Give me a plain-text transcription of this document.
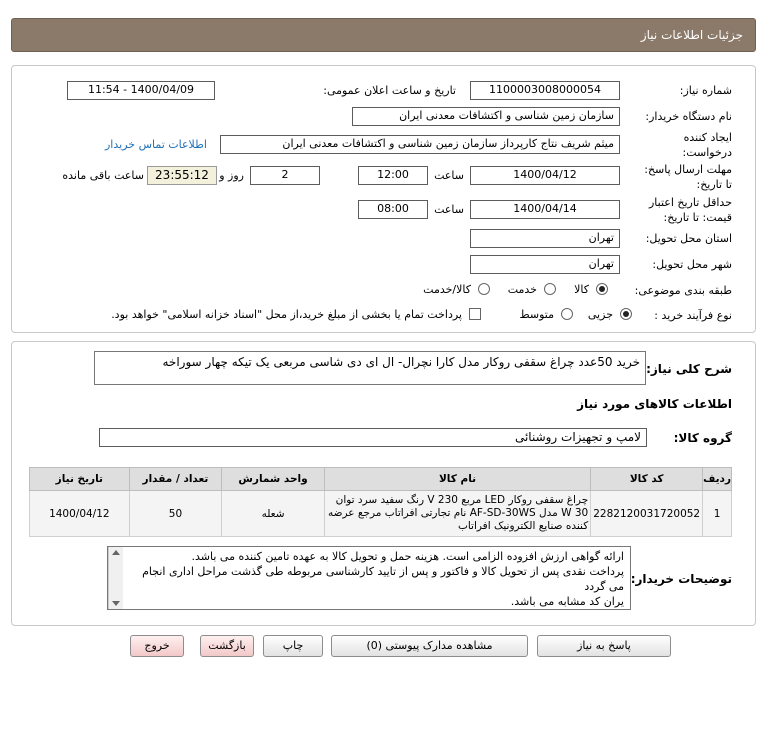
جزئیات اطلاعات نیاز
شماره نیاز:
1100003008000054
تاریخ و ساعت اعلان عمومی:
1400/04/09 - 11:54
نام دستگاه خریدار:
سازمان زمین شناسی و اکتشافات معدنی ایران
ایجاد کننده
درخواست:
میثم شریف نتاج کارپرداز سازمان زمین شناسی و اکتشافات معدنی ایران
اطلاعات تماس خریدار
مهلت ارسال پاسخ:
تا تاریخ:
1400/04/12
ساعت
12:00
روز و	2
23:55:12
ساعت باقی مانده
حداقل تاریخ اعتبار
قیمت: تا تاریخ:
1400/04/14
ساعت
08:00
استان محل تحویل:
تهران
شهر محل تحویل:
تهران
طبقه بندی موضوعی:
کالا
خدمت
کالا/خدمت
نوع فرآیند خرید :
جزیی
متوسط
پرداخت تمام یا بخشی از مبلغ خرید،از محل "اسناد خزانه اسلامی" خواهد بود.
شرح کلی نیاز:
خرید 50عدد چراغ سقفی روکار مدل کارا نچرال- ال ای دی شاسی مربعی یک تیکه چهار سوراخه
اطلاعات کالاهای مورد نیاز
گروه کالا:
لامپ و تجهیزات روشنائی
ردیف	کد کالا	نام کالا	واحد شمارش	تعداد / مقدار	تاریخ نیاز
1	2282120031720052	چراغ سقفی روکار LED مربع 230 V رنگ سفید سرد توان 30 W مدل AF-SD-30WS نام تجارتی افراتاب مرجع عرضه کننده صنایع الکترونیک افراتاب	شعله	50	1400/04/12
توضیحات خریدار:
ارائه گواهی ارزش افزوده الزامی است. هزینه حمل و تحویل کالا به عهده تامین کننده می باشد.
پرداخت نقدی پس از تحویل کالا و فاکتور و پس از تایید کارشناسی مربوطه طی گذشت مراحل اداری انجام می گردد
یران کد مشابه می باشد.
پاسخ به نیاز
مشاهده مدارک پیوستی (0)
چاپ
بازگشت
خروج
